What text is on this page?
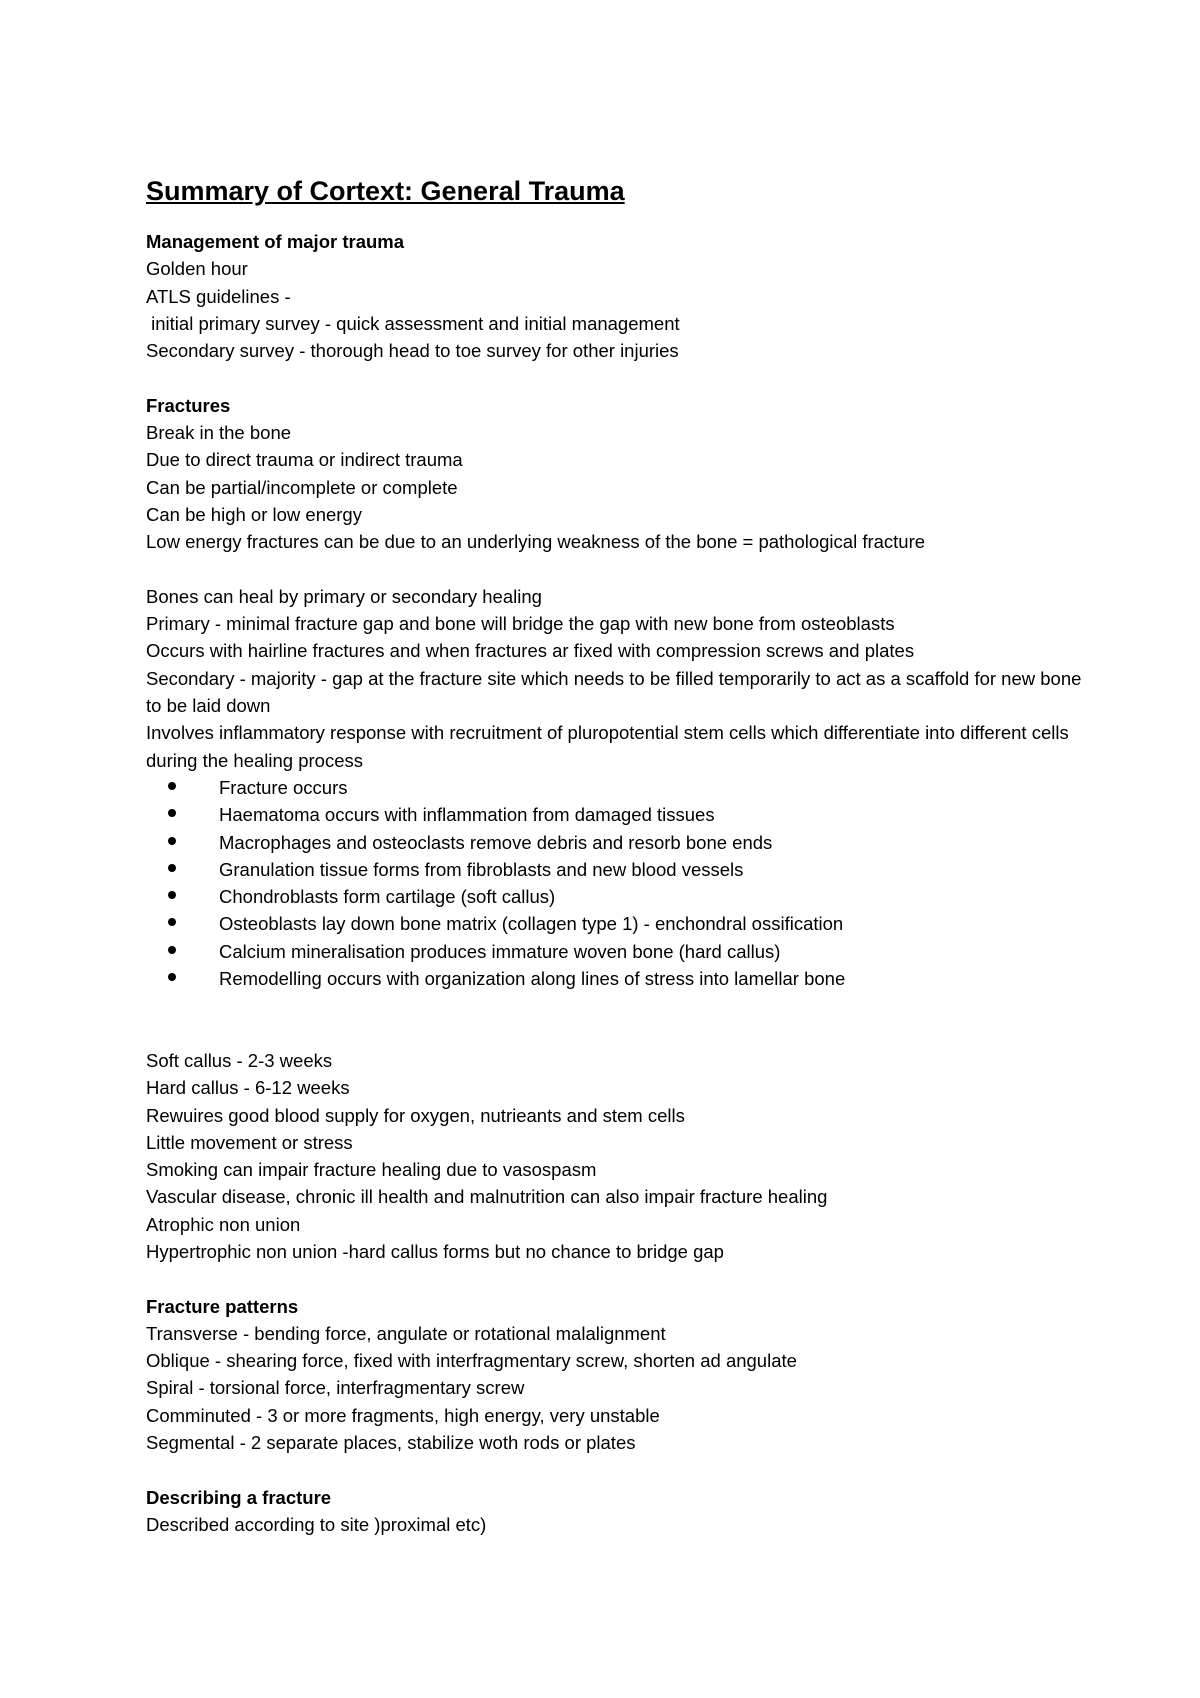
Summary of Cortext: General Trauma
Management of major trauma
Golden hour
ATLS guidelines -
initial primary survey - quick assessment and initial management
Secondary survey - thorough head to toe survey for other injuries
Fractures
Break in the bone
Due to direct trauma or indirect trauma
Can be partial/incomplete or complete
Can be high or low energy
Low energy fractures can be due to an underlying weakness of the bone = pathological fracture
Bones can heal by primary or secondary healing
Primary - minimal fracture gap and bone will bridge the gap with new bone from osteoblasts
Occurs with hairline fractures and when fractures ar fixed with compression screws and plates
Secondary - majority - gap at the fracture site which needs to be filled temporarily to act as a scaffold for new bone to be laid down
Involves inflammatory response with recruitment of pluropotential stem cells which differentiate into different cells during the healing process
Fracture occurs
Haematoma occurs with inflammation from damaged tissues
Macrophages and osteoclasts remove debris and resorb bone ends
Granulation tissue forms from fibroblasts and new blood vessels
Chondroblasts form cartilage (soft callus)
Osteoblasts lay down bone matrix (collagen type 1) - enchondral ossification
Calcium mineralisation produces immature woven bone (hard callus)
Remodelling occurs with organization along lines of stress into lamellar bone
Soft callus - 2-3 weeks
Hard callus - 6-12 weeks
Rewuires good blood supply for oxygen, nutrieants and stem cells
Little movement or stress
Smoking can impair fracture healing due to vasospasm
Vascular disease, chronic ill health and malnutrition can also impair fracture healing
Atrophic non union
Hypertrophic non union -hard callus forms but no chance to bridge gap
Fracture patterns
Transverse - bending force, angulate or rotational malalignment
Oblique - shearing force, fixed with interfragmentary screw, shorten ad angulate
Spiral - torsional force, interfragmentary screw
Comminuted - 3 or more fragments, high energy, very unstable
Segmental - 2 separate places, stabilize woth rods or plates
Describing a fracture
Described according to site )proximal etc)
